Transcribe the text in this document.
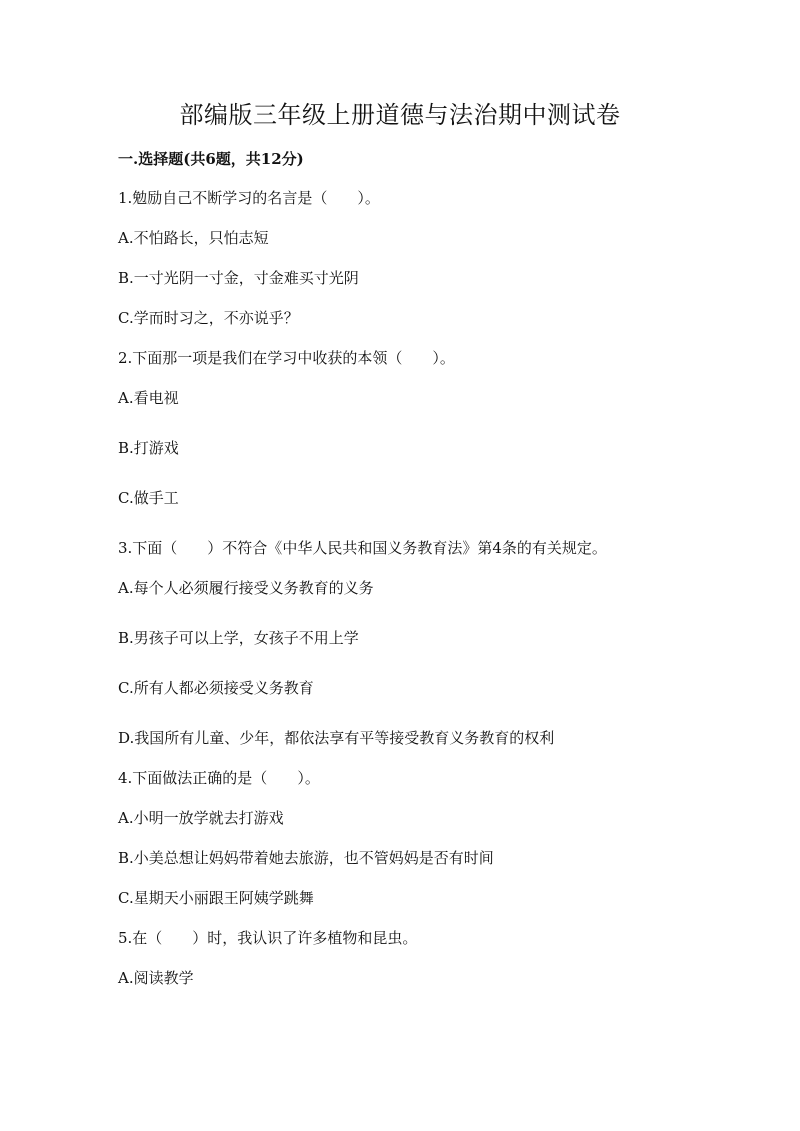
部编版三年级上册道德与法治期中测试卷

一.选择题(共6题，共12分)

1.勉励自己不断学习的名言是（　　）。

A.不怕路长，只怕志短

B.一寸光阴一寸金，寸金难买寸光阴

C.学而时习之，不亦说乎？

2.下面那一项是我们在学习中收获的本领（　　）。

A.看电视

B.打游戏

C.做手工

3.下面（　　）不符合《中华人民共和国义务教育法》第4条的有关规定。

A.每个人必须履行接受义务教育的义务

B.男孩子可以上学，女孩子不用上学

C.所有人都必须接受义务教育

D.我国所有儿童、少年，都依法享有平等接受教育义务教育的权利

4.下面做法正确的是（　　）。

A.小明一放学就去打游戏

B.小美总想让妈妈带着她去旅游，也不管妈妈是否有时间

C.星期天小丽跟王阿姨学跳舞

5.在（　　）时，我认识了许多植物和昆虫。

A.阅读教学
